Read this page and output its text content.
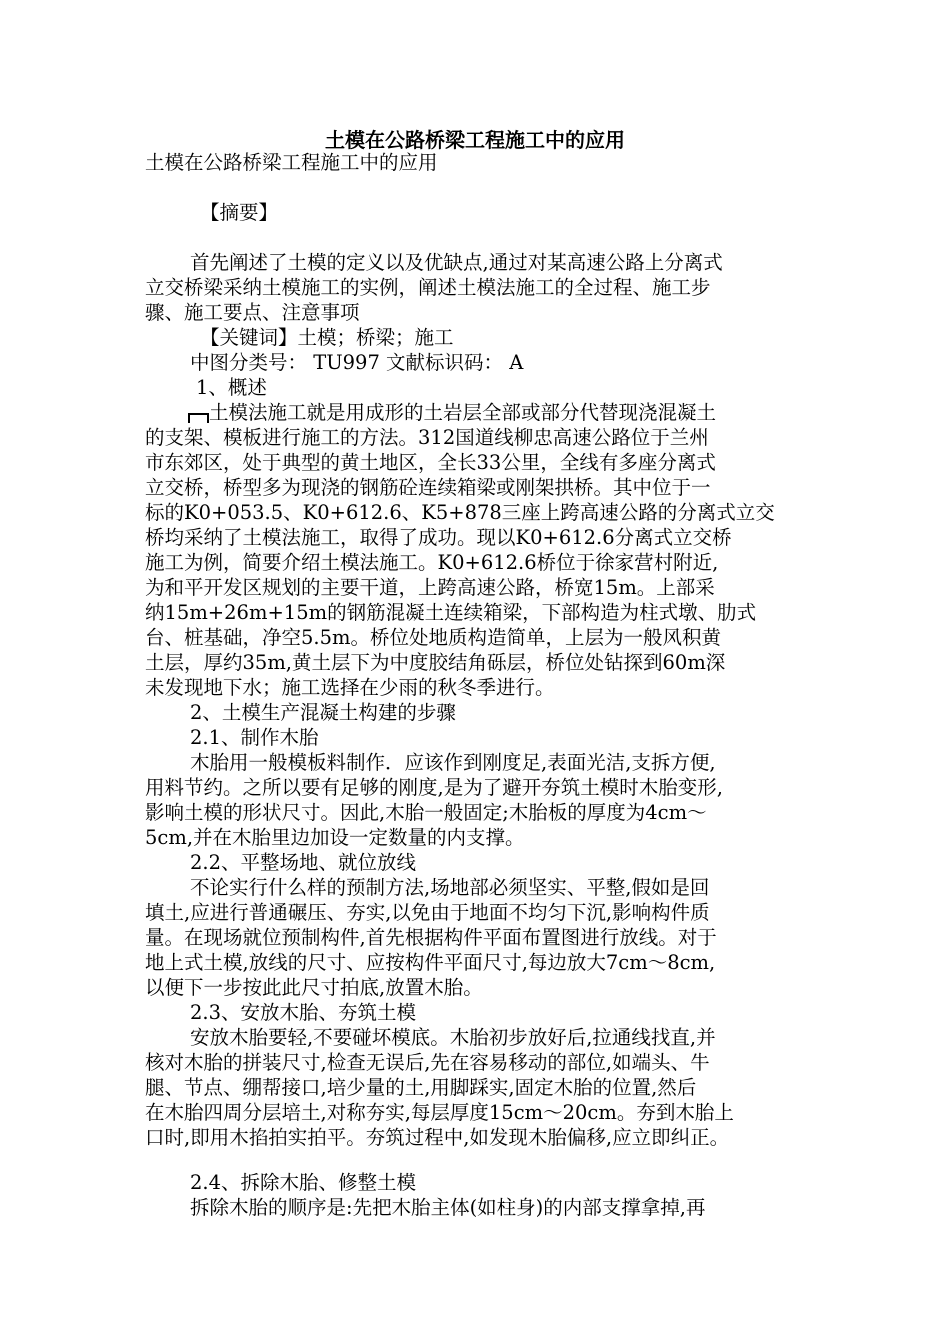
土模在公路桥梁工程施工中的应用
土模在公路桥梁工程施工中的应用
【摘要】
首先阐述了土模的定义以及优缺点,通过对某高速公路上分离式
立交桥梁采纳土模施工的实例，阐述土模法施工的全过程、施工步
骤、施工要点、注意事项
【关键词】土模；桥梁；施工
中图分类号： TU997 文献标识码： A
1、概述
土模法施工就是用成形的土岩层全部或部分代替现浇混凝土
的支架、模板进行施工的方法。312国道线柳忠高速公路位于兰州
市东郊区，处于典型的黄土地区，全长33公里，全线有多座分离式
立交桥，桥型多为现浇的钢筋砼连续箱梁或刚架拱桥。其中位于一
标的K0+053.5、K0+612.6、K5+878三座上跨高速公路的分离式立交
桥均采纳了土模法施工，取得了成功。现以K0+612.6分离式立交桥
施工为例，简要介绍土模法施工。K0+612.6桥位于徐家营村附近,
为和平开发区规划的主要干道，上跨高速公路，桥宽15m。上部采
纳15m+26m+15m的钢筋混凝土连续箱梁，下部构造为柱式墩、肋式
台、桩基础，净空5.5m。桥位处地质构造简单，上层为一般风积黄
土层，厚约35m,黄土层下为中度胶结角砾层，桥位处钻探到60m深
未发现地下水；施工选择在少雨的秋冬季进行。
2、土模生产混凝土构建的步骤
2.1、制作木胎
木胎用一般模板料制作．应该作到刚度足,表面光洁,支拆方便,
用料节约。之所以要有足够的刚度,是为了避开夯筑土模时木胎变形,
影响土模的形状尺寸。因此,木胎一般固定;木胎板的厚度为4cm～
5cm,并在木胎里边加设一定数量的内支撑。
2.2、平整场地、就位放线
不论实行什么样的预制方法,场地部必须坚实、平整,假如是回
填土,应进行普通碾压、夯实,以免由于地面不均匀下沉,影响构件质
量。在现场就位预制构件,首先根据构件平面布置图进行放线。对于
地上式土模,放线的尺寸、应按构件平面尺寸,每边放大7cm～8cm,
以便下一步按此此尺寸拍底,放置木胎。
2.3、安放木胎、夯筑土模
安放木胎要轻,不要碰坏模底。木胎初步放好后,拉通线找直,并
核对木胎的拼装尺寸,检查无误后,先在容易移动的部位,如端头、牛
腿、节点、绷帮接口,培少量的土,用脚踩实,固定木胎的位置,然后
在木胎四周分层培土,对称夯实,每层厚度15cm～20cm。夯到木胎上
口时,即用木掐拍实拍平。夯筑过程中,如发现木胎偏移,应立即纠正。
2.4、拆除木胎、修整土模
拆除木胎的顺序是:先把木胎主体(如柱身)的内部支撑拿掉,再
